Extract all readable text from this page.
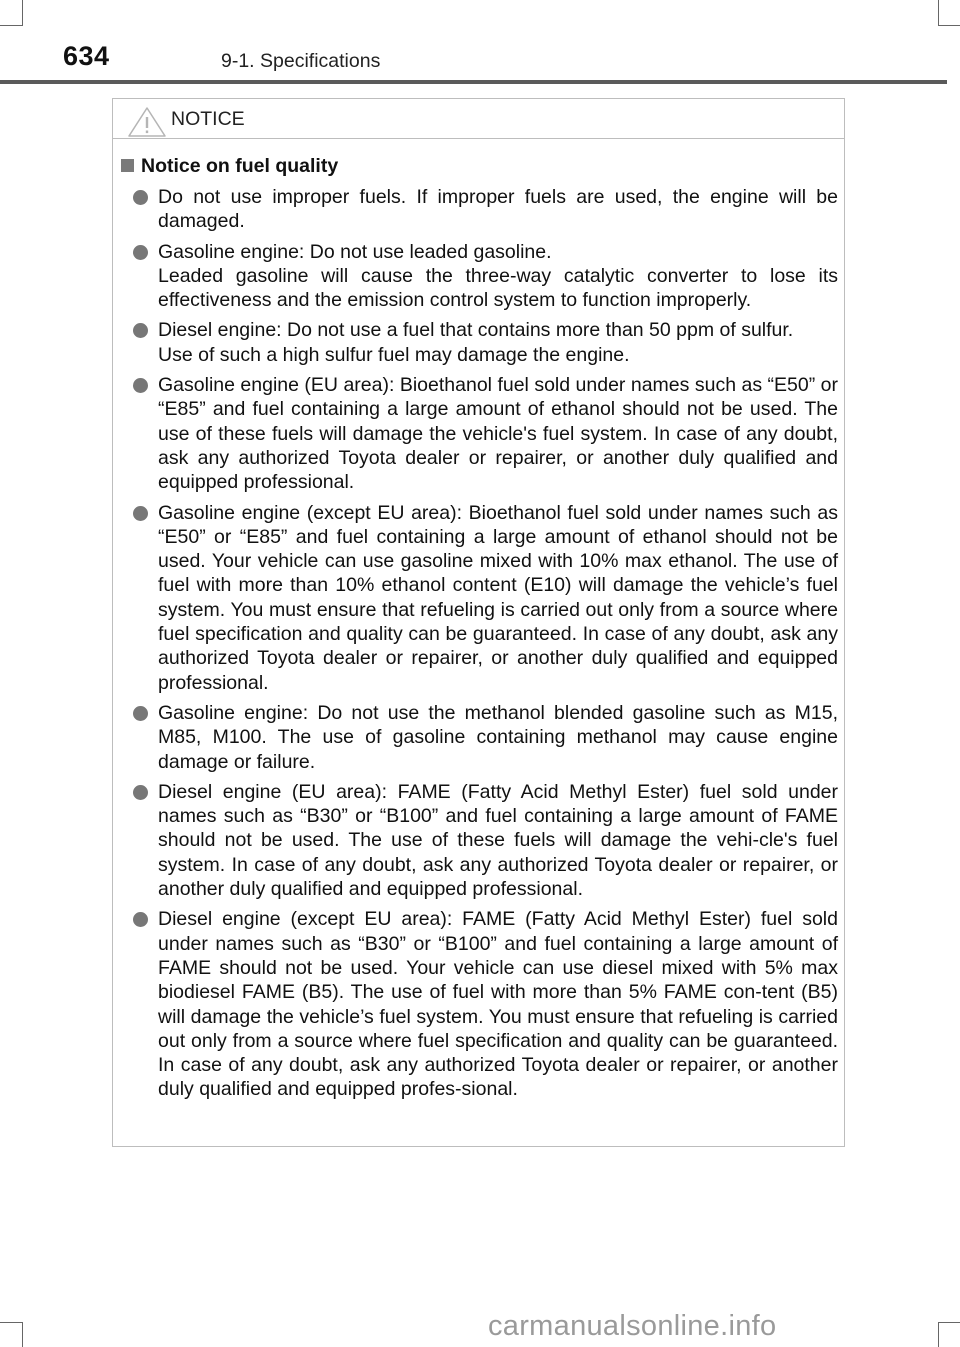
634	9-1. Specifications
NOTICE
Notice on fuel quality
Do not use improper fuels. If improper fuels are used, the engine will be damaged.
Gasoline engine: Do not use leaded gasoline.
Leaded gasoline will cause the three-way catalytic converter to lose its effectiveness and the emission control system to function improperly.
Diesel engine: Do not use a fuel that contains more than 50 ppm of sulfur.
Use of such a high sulfur fuel may damage the engine.
Gasoline engine (EU area): Bioethanol fuel sold under names such as “E50” or “E85” and fuel containing a large amount of ethanol should not be used. The use of these fuels will damage the vehicle's fuel system. In case of any doubt, ask any authorized Toyota dealer or repairer, or another duly qualified and equipped professional.
Gasoline engine (except EU area): Bioethanol fuel sold under names such as “E50” or “E85” and fuel containing a large amount of ethanol should not be used. Your vehicle can use gasoline mixed with 10% max ethanol. The use of fuel with more than 10% ethanol content (E10) will damage the vehicle’s fuel system. You must ensure that refueling is carried out only from a source where fuel specification and quality can be guaranteed. In case of any doubt, ask any authorized Toyota dealer or repairer, or another duly qualified and equipped professional.
Gasoline engine: Do not use the methanol blended gasoline such as M15, M85, M100. The use of gasoline containing methanol may cause engine damage or failure.
Diesel engine (EU area): FAME (Fatty Acid Methyl Ester) fuel sold under names such as “B30” or “B100” and fuel containing a large amount of FAME should not be used. The use of these fuels will damage the vehi-cle's fuel system. In case of any doubt, ask any authorized Toyota dealer or repairer, or another duly qualified and equipped professional.
Diesel engine (except EU area): FAME (Fatty Acid Methyl Ester) fuel sold under names such as “B30” or “B100” and fuel containing a large amount of FAME should not be used. Your vehicle can use diesel mixed with 5% max biodiesel FAME (B5). The use of fuel with more than 5% FAME con-tent (B5) will damage the vehicle’s fuel system. You must ensure that refueling is carried out only from a source where fuel specification and quality can be guaranteed. In case of any doubt, ask any authorized Toyota dealer or repairer, or another duly qualified and equipped profes-sional.
carmanualsonline.info
